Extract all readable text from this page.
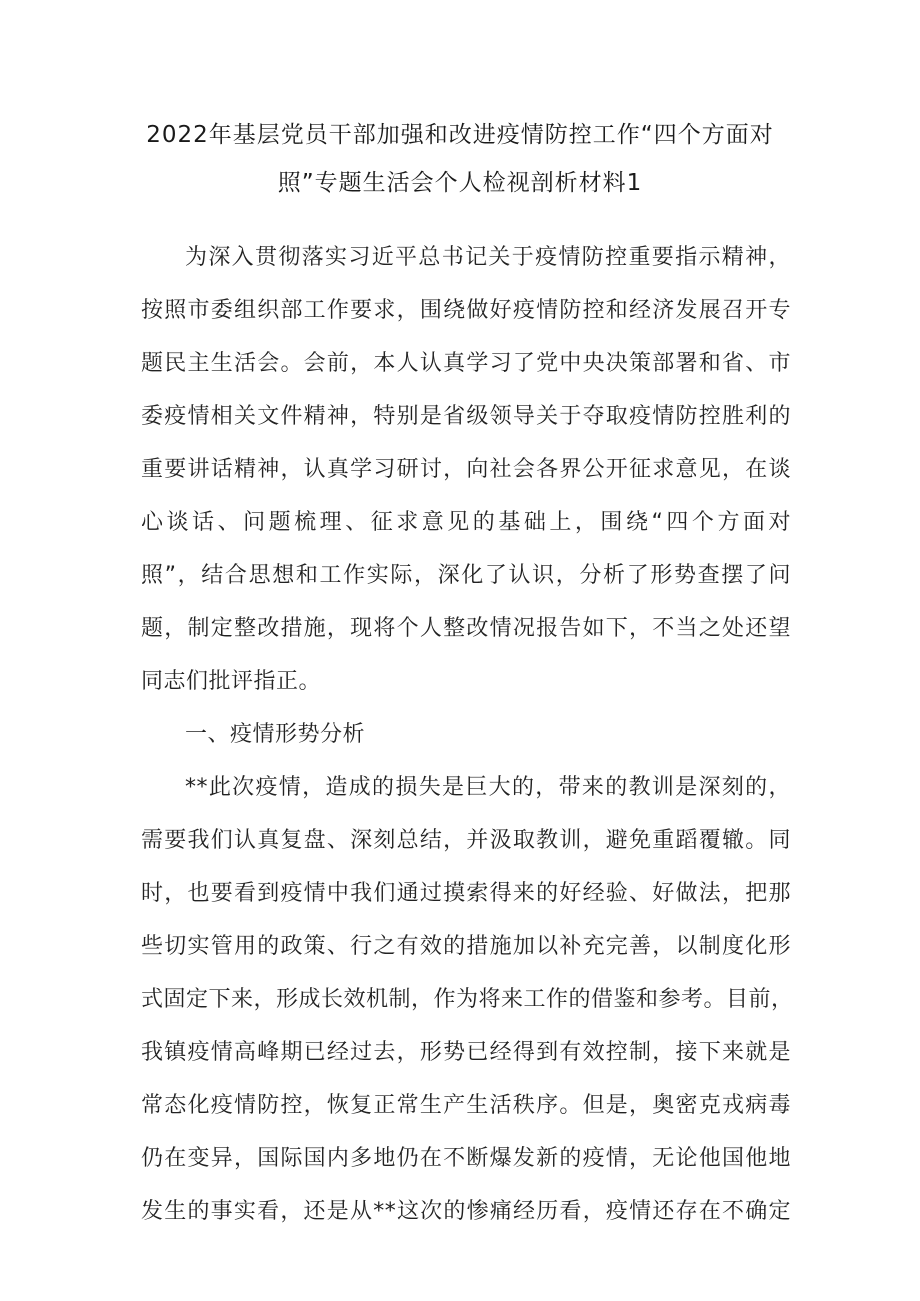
2022年基层党员干部加强和改进疫情防控工作“四个方面对
照”专题生活会个人检视剖析材料1
为深入贯彻落实习近平总书记关于疫情防控重要指示精神，
按照市委组织部工作要求，围绕做好疫情防控和经济发展召开专
题民主生活会。会前，本人认真学习了党中央决策部署和省、市
委疫情相关文件精神，特别是省级领导关于夺取疫情防控胜利的
重要讲话精神，认真学习研讨，向社会各界公开征求意见，在谈
心谈话、问题梳理、征求意见的基础上，围绕“四个方面对
照”，结合思想和工作实际，深化了认识，分析了形势查摆了问
题，制定整改措施，现将个人整改情况报告如下，不当之处还望
同志们批评指正。
一、疫情形势分析
**此次疫情，造成的损失是巨大的，带来的教训是深刻的，
需要我们认真复盘、深刻总结，并汲取教训，避免重蹈覆辙。同
时，也要看到疫情中我们通过摸索得来的好经验、好做法，把那
些切实管用的政策、行之有效的措施加以补充完善，以制度化形
式固定下来，形成长效机制，作为将来工作的借鉴和参考。目前，
我镇疫情高峰期已经过去，形势已经得到有效控制，接下来就是
常态化疫情防控，恢复正常生产生活秩序。但是，奥密克戎病毒
仍在变异，国际国内多地仍在不断爆发新的疫情，无论他国他地
发生的事实看，还是从**这次的惨痛经历看，疫情还存在不确定
